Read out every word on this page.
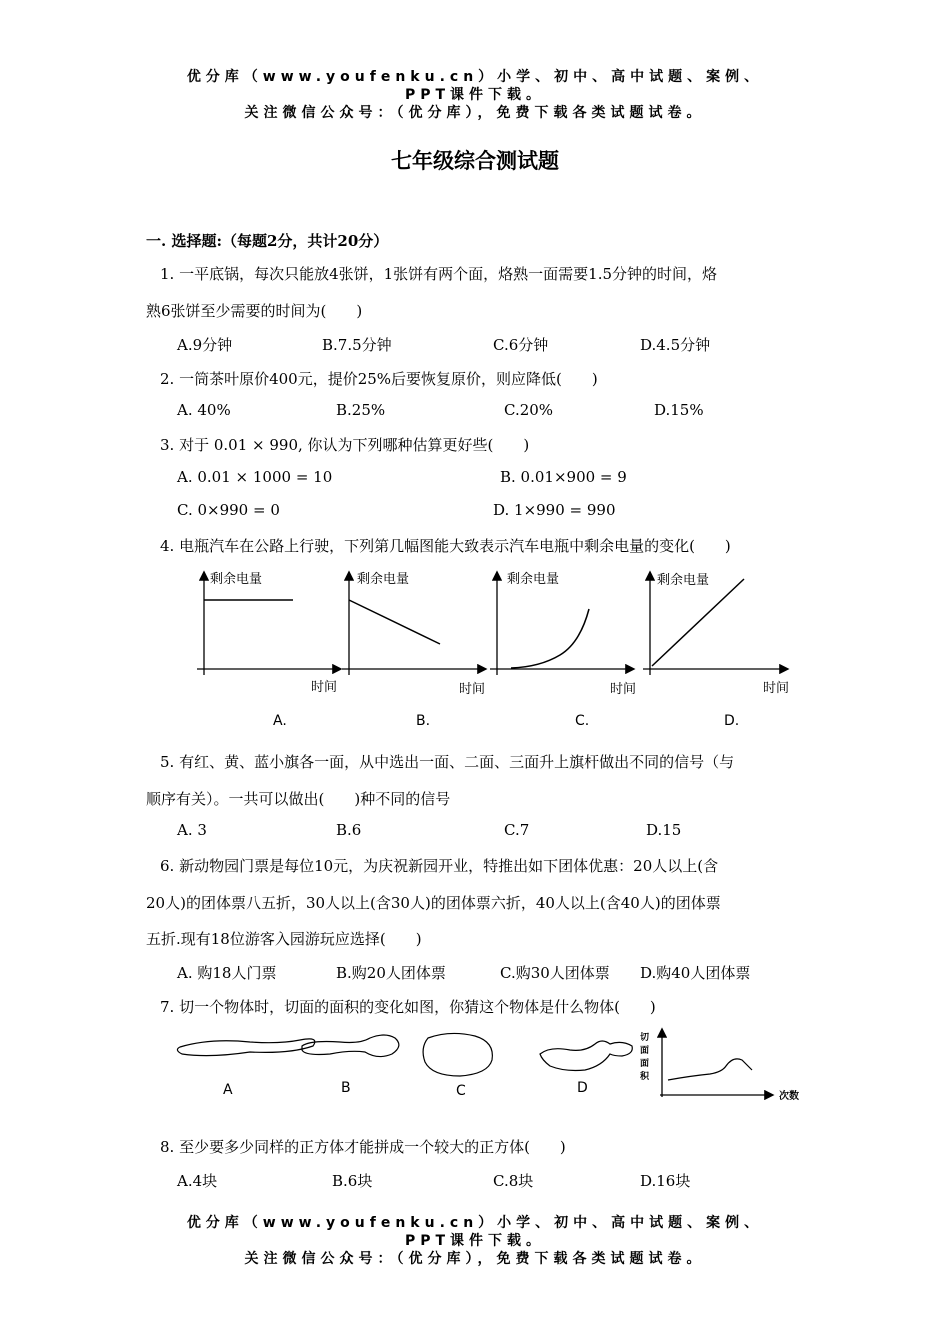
优分库（www.youfenku.cn）小学、初中、高中试题、案例、
PPT课件下载。
关注微信公众号：（优分库），免费下载各类试题试卷。
七年级综合测试题
一. 选择题:（每题2分，共计20分）
1. 一平底锅，每次只能放4张饼，1张饼有两个面，烙熟一面需要1.5分钟的时间，烙
熟6张饼至少需要的时间为(　　)
A.9分钟	B.7.5分钟	C.6分钟	D.4.5分钟
2. 一筒茶叶原价400元，提价25%后要恢复原价，则应降低(　　)
A. 40%	B.25%	C.20%	D.15%
3. 对于 0.01 × 990, 你认为下列哪种估算更好些(　　)
A. 0.01 × 1000 = 10	B. 0.01×900 = 9
C. 0×990 = 0	D. 1×990 = 990
4. 电瓶汽车在公路上行驶，下列第几幅图能大致表示汽车电瓶中剩余电量的变化(　　)
剩余电量
时间
剩余电量
时间
剩余电量
时间
剩余电量
时间
A.	B.	C.	D.
5. 有红、黄、蓝小旗各一面，从中选出一面、二面、三面升上旗杆做出不同的信号（与
顺序有关）。一共可以做出(　　)种不同的信号
A. 3	B.6	C.7	D.15
6. 新动物园门票是每位10元，为庆祝新园开业，特推出如下团体优惠：20人以上(含
20人)的团体票八五折，30人以上(含30人)的团体票六折，40人以上(含40人)的团体票
五折.现有18位游客入园游玩应选择(　　)
A. 购18人门票	B.购20人团体票	C.购30人团体票 D.购40人团体票
7. 切一个物体时，切面的面积的变化如图，你猜这个物体是什么物体(　　)
切
面
面
积
次数
A	B	C	D
8. 至少要多少同样的正方体才能拼成一个较大的正方体(　　)
A.4块	B.6块	C.8块	D.16块
优分库（www.youfenku.cn）小学、初中、高中试题、案例、
PPT课件下载。
关注微信公众号：（优分库），免费下载各类试题试卷。
